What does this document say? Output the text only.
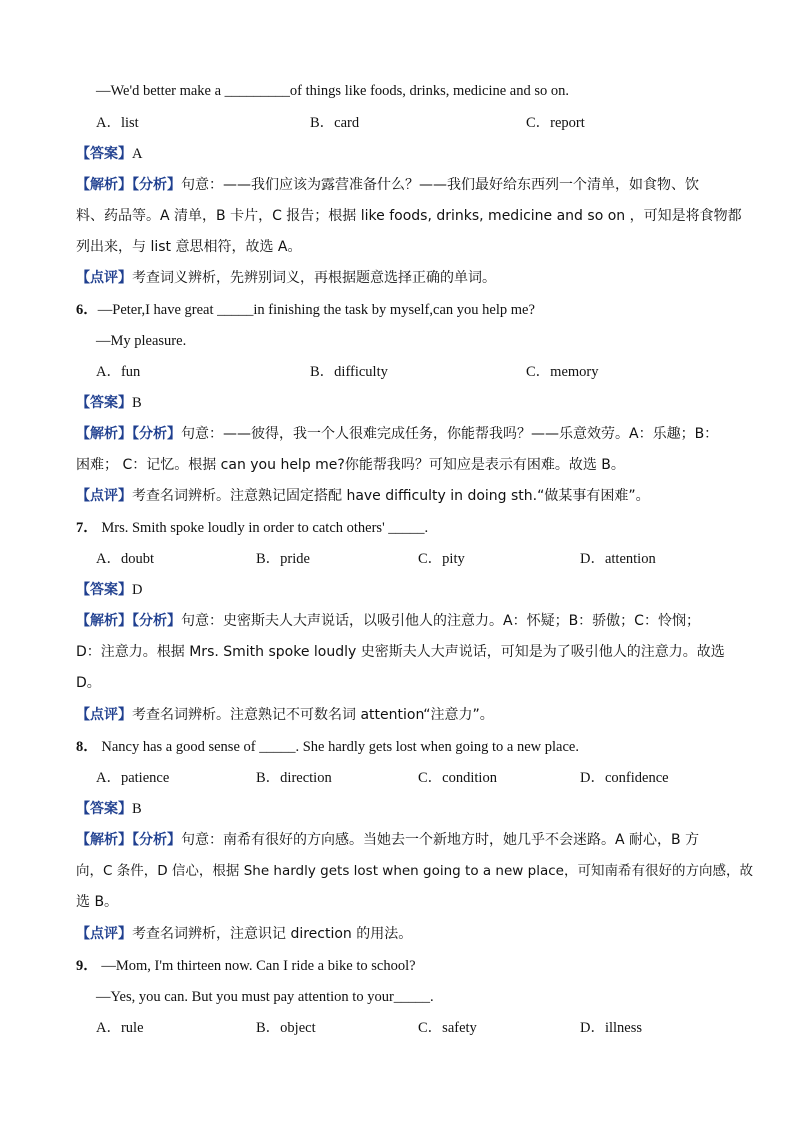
—We'd better make a _________of things like foods, drinks, medicine and so on.
A．list	B．card	C．report
【答案】A
【解析】【分析】句意：——我们应该为露营准备什么？——我们最好给东西列一个清单，如食物、饮
料、药品等。A 清单，B 卡片，C 报告；根据 like foods, drinks, medicine and so on ，可知是将食物都
列出来，与 list 意思相符，故选 A。
【点评】考查词义辨析，先辨别词义，再根据题意选择正确的单词。
6．—Peter,I have great _____in finishing the task by myself,can you help me?
—My pleasure.
A．fun	B．difficulty	C．memory
【答案】B
【解析】【分析】句意：——彼得，我一个人很难完成任务，你能帮我吗？——乐意效劳。A：乐趣；B：
困难； C：记忆。根据 can you help me?你能帮我吗？可知应是表示有困难。故选 B。
【点评】考查名词辨析。注意熟记固定搭配 have difficulty in doing sth.“做某事有困难”。
7． Mrs. Smith spoke loudly in order to catch others' _____.
A．doubt	B．pride	C．pity	D．attention
【答案】D
【解析】【分析】句意：史密斯夫人大声说话，以吸引他人的注意力。A：怀疑；B：骄傲；C：怜悯；
D：注意力。根据 Mrs. Smith spoke loudly 史密斯夫人大声说话，可知是为了吸引他人的注意力。故选
D。
【点评】考查名词辨析。注意熟记不可数名词 attention“注意力”。
8． Nancy has a good sense of _____. She hardly gets lost when going to a new place.
A．patience	B．direction	C．condition	D．confidence
【答案】B
【解析】【分析】句意：南希有很好的方向感。当她去一个新地方时，她几乎不会迷路。A 耐心，B 方
向，C 条件，D 信心，根据 She hardly gets lost when going to a new place，可知南希有很好的方向感，故
选 B。
【点评】考查名词辨析，注意识记 direction 的用法。
9． —Mom, I'm thirteen now. Can I ride a bike to school?
—Yes, you can. But you must pay attention to your_____.
A．rule	B．object	C．safety	D．illness
